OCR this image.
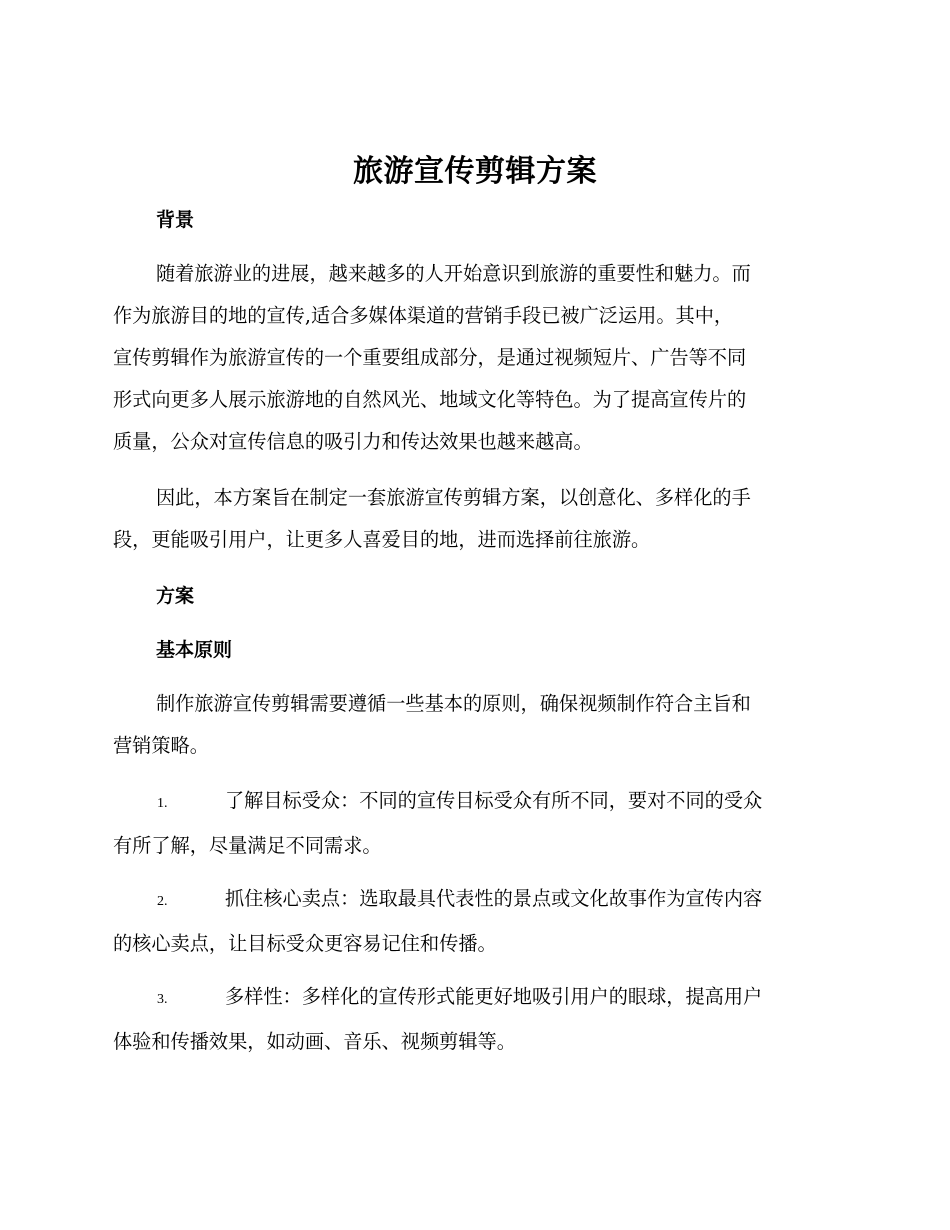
旅游宣传剪辑方案
背景

随着旅游业的进展，越来越多的人开始意识到旅游的重要性和魅力。而
作为旅游目的地的宣传,适合多媒体渠道的营销手段已被广泛运用。其中，
宣传剪辑作为旅游宣传的一个重要组成部分，是通过视频短片、广告等不同
形式向更多人展示旅游地的自然风光、地域文化等特色。为了提高宣传片的
质量，公众对宣传信息的吸引力和传达效果也越来越高。

因此，本方案旨在制定一套旅游宣传剪辑方案，以创意化、多样化的手
段，更能吸引用户，让更多人喜爱目的地，进而选择前往旅游。

方案
基本原则

制作旅游宣传剪辑需要遵循一些基本的原则，确保视频制作符合主旨和
营销策略。

1.	了解目标受众：不同的宣传目标受众有所不同，要对不同的受众
有所了解，尽量满足不同需求。
2.	抓住核心卖点：选取最具代表性的景点或文化故事作为宣传内容
的核心卖点，让目标受众更容易记住和传播。
3.	多样性：多样化的宣传形式能更好地吸引用户的眼球，提高用户
体验和传播效果，如动画、音乐、视频剪辑等。
